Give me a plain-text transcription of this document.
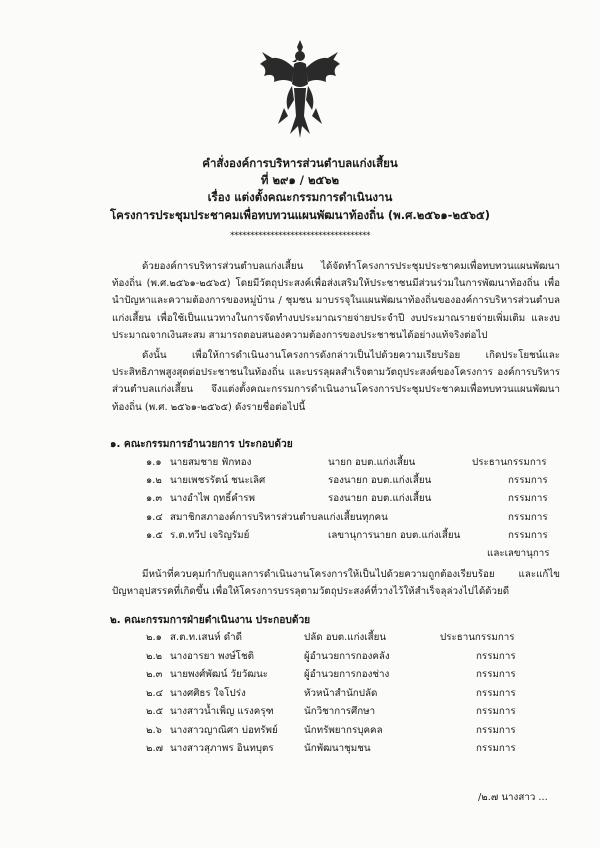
คำสั่งองค์การบริหารส่วนตำบลแก่งเสี้ยน
ที่ ๒๙๑ / ๒๕๖๒
เรื่อง แต่งตั้งคณะกรรมการดำเนินงาน
โครงการประชุมประชาคมเพื่อทบทวนแผนพัฒนาท้องถิ่น (พ.ศ.๒๕๖๑-๒๕๖๕)
***********************************

ด้วยองค์การบริหารส่วนตำบลแก่งเสี้ยน ได้จัดทำโครงการประชุมประชาคมเพื่อทบทวนแผนพัฒนาท้องถิ่น (พ.ศ.๒๕๖๑-๒๕๖๕) โดยมีวัตถุประสงค์เพื่อส่งเสริมให้ประชาชนมีส่วนร่วมในการพัฒนาท้องถิ่น เพื่อนำปัญหาและความต้องการของหมู่บ้าน / ชุมชน มาบรรจุในแผนพัฒนาท้องถิ่นขององค์การบริหารส่วนตำบลแก่งเสี้ยน เพื่อใช้เป็นแนวทางในการจัดทำงบประมาณรายจ่ายประจำปี งบประมาณรายจ่ายเพิ่มเติม และงบประมาณจากเงินสะสม สามารถตอบสนองความต้องการของประชาชนได้อย่างแท้จริงต่อไป

ดังนั้น เพื่อให้การดำเนินงานโครงการดังกล่าวเป็นไปด้วยความเรียบร้อย เกิดประโยชน์และประสิทธิภาพสูงสุดต่อประชาชนในท้องถิ่น และบรรลุผลสำเร็จตามวัตถุประสงค์ของโครงการ องค์การบริหารส่วนตำบลแก่งเสี้ยน จึงแต่งตั้งคณะกรรมการดำเนินงานโครงการประชุมประชาคมเพื่อทบทวนแผนพัฒนาท้องถิ่น (พ.ศ. ๒๕๖๑-๒๕๖๕) ดังรายชื่อต่อไปนี้

๑. คณะกรรมการอำนวยการ ประกอบด้วย
๑.๑ นายสมชาย ฟักทอง	นายก อบต.แก่งเสี้ยน	ประธานกรรมการ
๑.๒ นายเพชรรัตน์ ชนะเลิศ	รองนายก อบต.แก่งเสี้ยน	กรรมการ
๑.๓ นางอำไพ ฤทธิ์คำรพ	รองนายก อบต.แก่งเสี้ยน	กรรมการ
๑.๔ สมาชิกสภาองค์การบริหารส่วนตำบลแก่งเสี้ยนทุกคน	กรรมการ
๑.๕ ร.ต.ทวีป เจริญรัมย์	เลขานุการนายก อบต.แก่งเสี้ยน	กรรมการ
และเลขานุการ

มีหน้าที่ควบคุมกำกับดูแลการดำเนินงานโครงการให้เป็นไปด้วยความถูกต้องเรียบร้อย และแก้ไขปัญหาอุปสรรคที่เกิดขึ้น เพื่อให้โครงการบรรลุตามวัตถุประสงค์ที่วางไว้ให้สำเร็จลุล่วงไปได้ด้วยดี

๒. คณะกรรมการฝ่ายดำเนินงาน ประกอบด้วย
๒.๑ ส.ต.ท.เสนห์ ดำดี	ปลัด อบต.แก่งเสี้ยน	ประธานกรรมการ
๒.๒ นางอารยา พงษ์โชติ	ผู้อำนวยการกองคลัง	กรรมการ
๒.๓ นายพงศ์พัฒน์ วัยวัฒนะ	ผู้อำนวยการกองช่าง	กรรมการ
๒.๔ นางศศิธร ใจโปร่ง	หัวหน้าสำนักปลัด	กรรมการ
๒.๕ นางสาวน้ำเพ็ญ แรงครุฑ	นักวิชาการศึกษา	กรรมการ
๒.๖ นางสาวญาณิศา บ่อทรัพย์	นักทรัพยากรบุคคล	กรรมการ
๒.๗ นางสาวสุภาพร อินทบุตร	นักพัฒนาชุมชน	กรรมการ
/๒.๗ นางสาว ...
